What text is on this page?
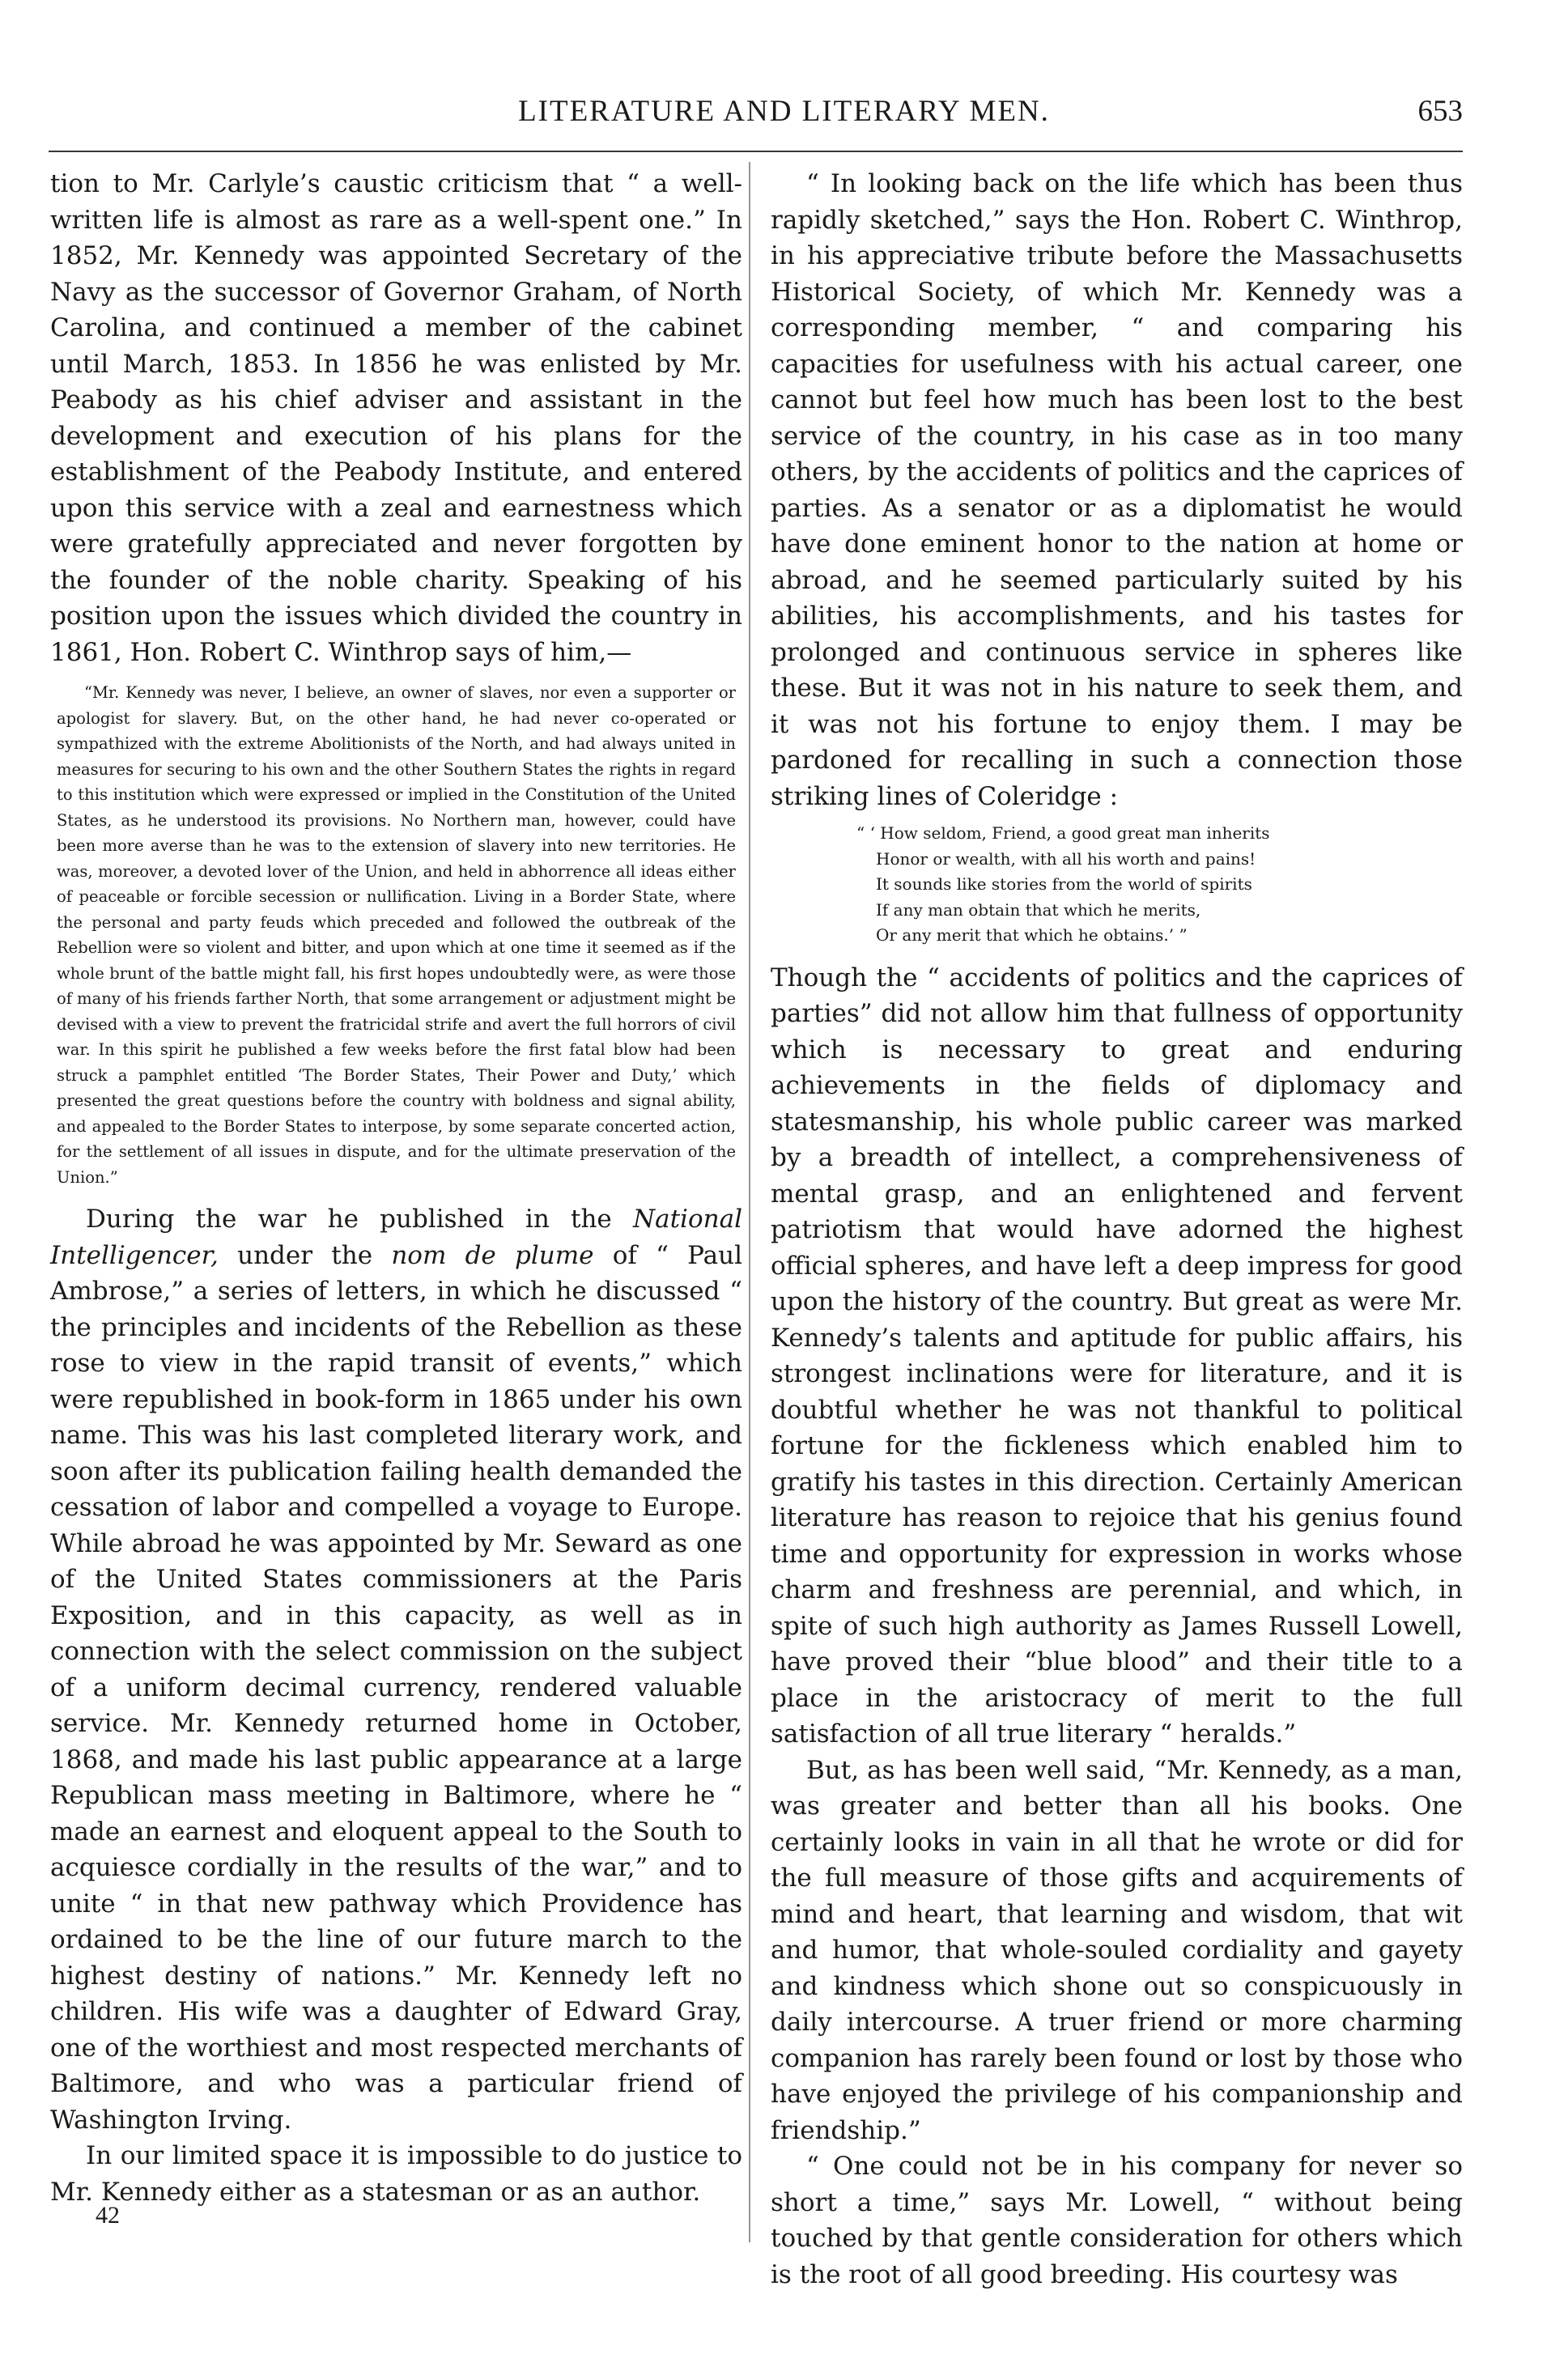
LITERATURE AND LITERARY MEN.	653

tion to Mr. Carlyle’s caustic criticism that “ a well-written life is almost as rare as a well-spent one.” In 1852, Mr. Kennedy was appointed Secretary of the Navy as the successor of Governor Graham, of North Carolina, and continued a member of the cabinet until March, 1853. In 1856 he was enlisted by Mr. Peabody as his chief adviser and assistant in the development and execution of his plans for the establishment of the Peabody Institute, and entered upon this service with a zeal and earnestness which were gratefully appreciated and never forgotten by the founder of the noble charity. Speaking of his position upon the issues which divided the country in 1861, Hon. Robert C. Winthrop says of him,—

“Mr. Kennedy was never, I believe, an owner of slaves, nor even a supporter or apologist for slavery. But, on the other hand, he had never co-operated or sympathized with the extreme Abolitionists of the North, and had always united in measures for securing to his own and the other Southern States the rights in regard to this institution which were expressed or implied in the Constitution of the United States, as he understood its provisions. No Northern man, however, could have been more averse than he was to the extension of slavery into new territories. He was, moreover, a devoted lover of the Union, and held in abhorrence all ideas either of peaceable or forcible secession or nullification. Living in a Border State, where the personal and party feuds which preceded and followed the outbreak of the Rebellion were so violent and bitter, and upon which at one time it seemed as if the whole brunt of the battle might fall, his first hopes undoubtedly were, as were those of many of his friends farther North, that some arrangement or adjustment might be devised with a view to prevent the fratricidal strife and avert the full horrors of civil war. In this spirit he published a few weeks before the first fatal blow had been struck a pamphlet entitled ‘The Border States, Their Power and Duty,’ which presented the great questions before the country with boldness and signal ability, and appealed to the Border States to interpose, by some separate concerted action, for the settlement of all issues in dispute, and for the ultimate preservation of the Union.”

During the war he published in the National Intelligencer, under the nom de plume of “ Paul Ambrose,” a series of letters, in which he discussed “ the principles and incidents of the Rebellion as these rose to view in the rapid transit of events,” which were republished in book-form in 1865 under his own name. This was his last completed literary work, and soon after its publication failing health demanded the cessation of labor and compelled a voyage to Europe. While abroad he was appointed by Mr. Seward as one of the United States commissioners at the Paris Exposition, and in this capacity, as well as in connection with the select commission on the subject of a uniform decimal currency, rendered valuable service. Mr. Kennedy returned home in October, 1868, and made his last public appearance at a large Republican mass meeting in Baltimore, where he “ made an earnest and eloquent appeal to the South to acquiesce cordially in the results of the war,” and to unite “ in that new pathway which Providence has ordained to be the line of our future march to the highest destiny of nations.” Mr. Kennedy left no children. His wife was a daughter of Edward Gray, one of the worthiest and most respected merchants of Baltimore, and who was a particular friend of Washington Irving.

In our limited space it is impossible to do justice to Mr. Kennedy either as a statesman or as an author.

42

“ In looking back on the life which has been thus rapidly sketched,” says the Hon. Robert C. Winthrop, in his appreciative tribute before the Massachusetts Historical Society, of which Mr. Kennedy was a corresponding member, “ and comparing his capacities for usefulness with his actual career, one cannot but feel how much has been lost to the best service of the country, in his case as in too many others, by the accidents of politics and the caprices of parties. As a senator or as a diplomatist he would have done eminent honor to the nation at home or abroad, and he seemed particularly suited by his abilities, his accomplishments, and his tastes for prolonged and continuous service in spheres like these. But it was not in his nature to seek them, and it was not his fortune to enjoy them. I may be pardoned for recalling in such a connection those striking lines of Coleridge :

“ ‘ How seldom, Friend, a good great man inherits
Honor or wealth, with all his worth and pains!
It sounds like stories from the world of spirits
If any man obtain that which he merits,
Or any merit that which he obtains.’ ”

Though the “ accidents of politics and the caprices of parties” did not allow him that fullness of opportunity which is necessary to great and enduring achievements in the fields of diplomacy and statesmanship, his whole public career was marked by a breadth of intellect, a comprehensiveness of mental grasp, and an enlightened and fervent patriotism that would have adorned the highest official spheres, and have left a deep impress for good upon the history of the country. But great as were Mr. Kennedy’s talents and aptitude for public affairs, his strongest inclinations were for literature, and it is doubtful whether he was not thankful to political fortune for the fickleness which enabled him to gratify his tastes in this direction. Certainly American literature has reason to rejoice that his genius found time and opportunity for expression in works whose charm and freshness are perennial, and which, in spite of such high authority as James Russell Lowell, have proved their “blue blood” and their title to a place in the aristocracy of merit to the full satisfaction of all true literary “ heralds.”

But, as has been well said, “Mr. Kennedy, as a man, was greater and better than all his books. One certainly looks in vain in all that he wrote or did for the full measure of those gifts and acquirements of mind and heart, that learning and wisdom, that wit and humor, that whole-souled cordiality and gayety and kindness which shone out so conspicuously in daily intercourse. A truer friend or more charming companion has rarely been found or lost by those who have enjoyed the privilege of his companionship and friendship.”

“ One could not be in his company for never so short a time,” says Mr. Lowell, “ without being touched by that gentle consideration for others which is the root of all good breeding. His courtesy was
